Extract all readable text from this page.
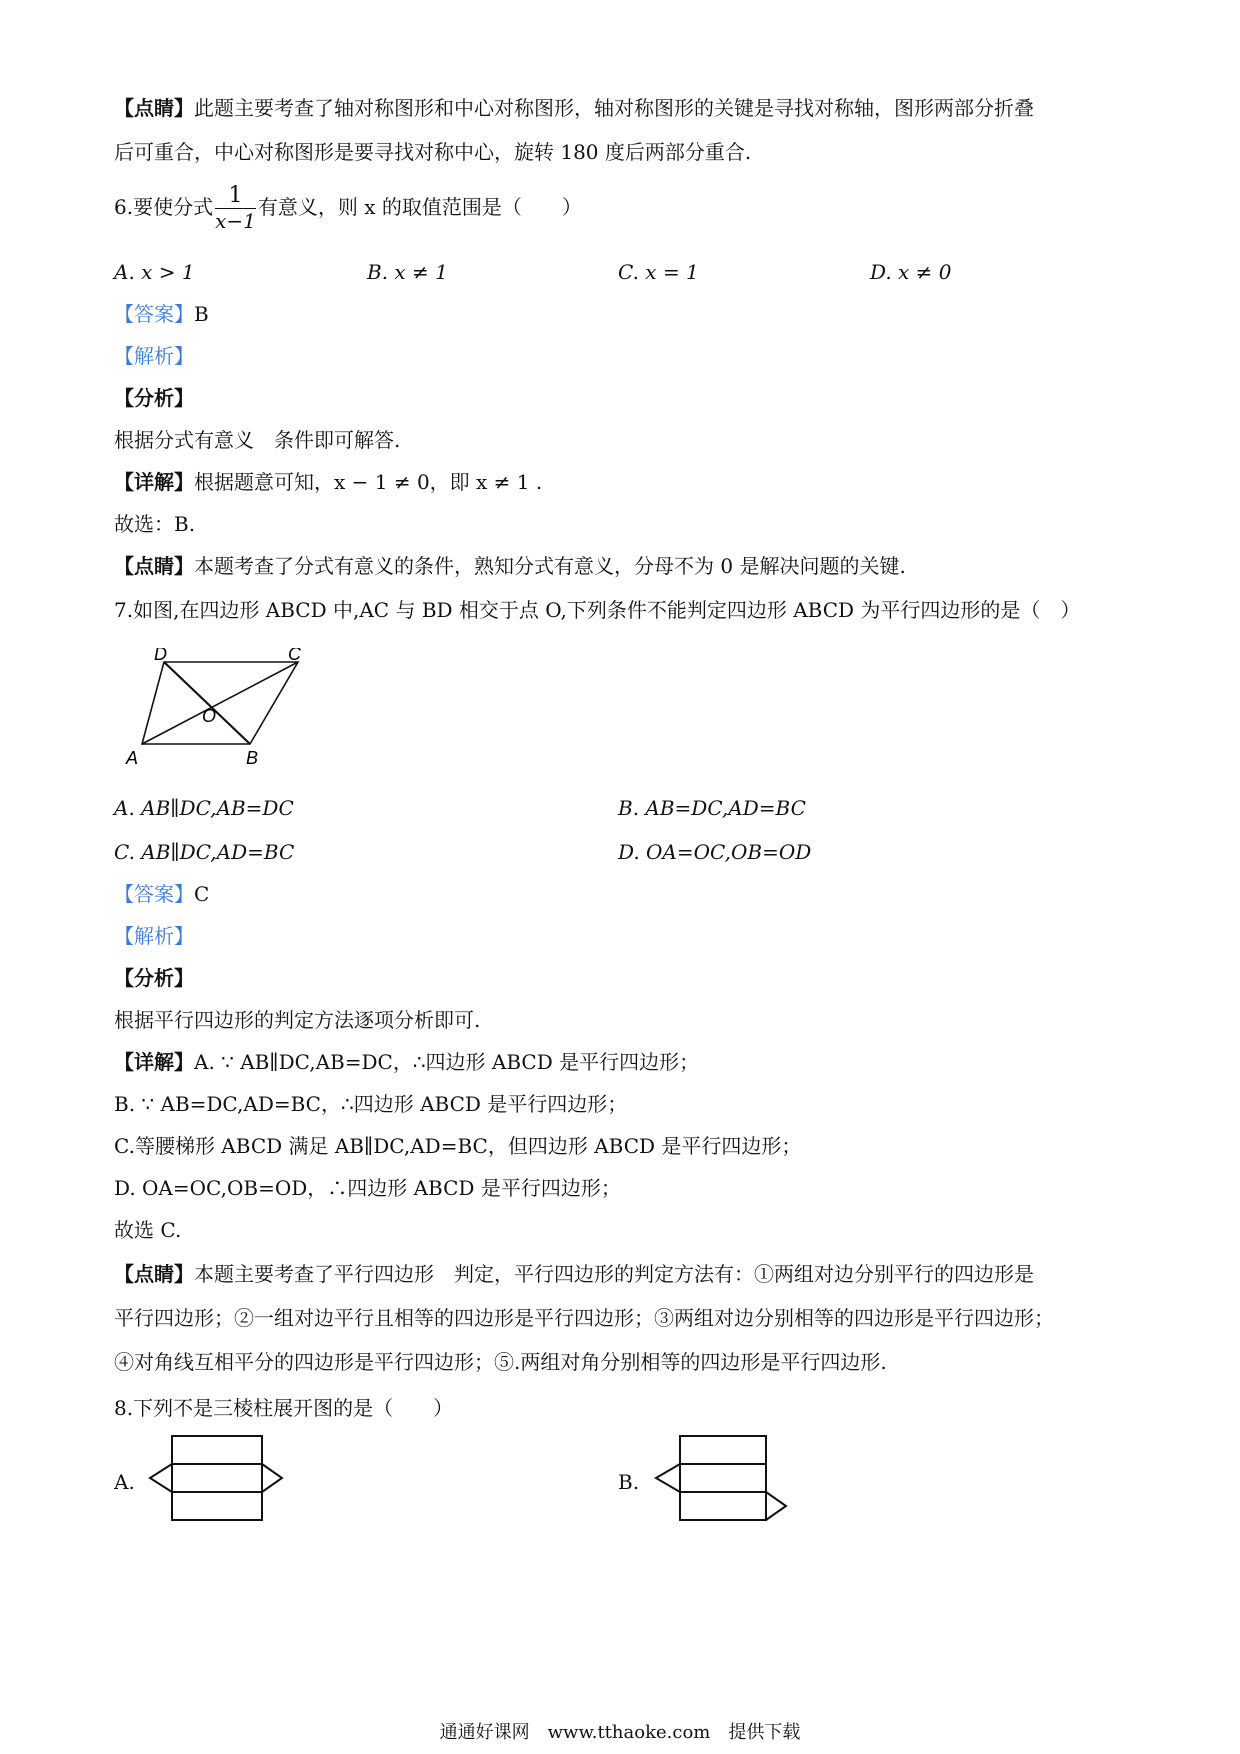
【点睛】此题主要考查了轴对称图形和中心对称图形，轴对称图形的关键是寻找对称轴，图形两部分折叠
后可重合，中心对称图形是要寻找对称中心，旋转 180 度后两部分重合.
6.要使分式 $\frac{1}{x-1}$ 有意义，则 x 的取值范围是（　　）
A. x > 1	B. x ≠ 1	C. x = 1	D. x ≠ 0
【答案】B
【解析】
【分析】
根据分式有意义　条件即可解答.
【详解】根据题意可知，x − 1 ≠ 0，即 x ≠ 1 .
故选：B.
【点睛】本题考查了分式有意义的条件，熟知分式有意义，分母不为 0 是解决问题的关键.
7.如图,在四边形 ABCD 中,AC 与 BD 相交于点 O,下列条件不能判定四边形 ABCD 为平行四边形的是（　）
A	B
C
D
O
A. AB∥DC,AB=DC	B. AB=DC,AD=BC
C. AB∥DC,AD=BC	D. OA=OC,OB=OD
【答案】C
【解析】
【分析】
根据平行四边形的判定方法逐项分析即可.
【详解】A. ∵ AB∥DC,AB=DC，∴四边形 ABCD 是平行四边形；
B. ∵ AB=DC,AD=BC，∴四边形 ABCD 是平行四边形；
C.等腰梯形 ABCD 满足 AB∥DC,AD=BC，但四边形 ABCD 是平行四边形；
D. OA=OC,OB=OD，∴四边形 ABCD 是平行四边形；
故选 C.
【点睛】本题主要考查了平行四边形　判定，平行四边形的判定方法有：①两组对边分别平行的四边形是
平行四边形；②一组对边平行且相等的四边形是平行四边形；③两组对边分别相等的四边形是平行四边形；
④对角线互相平分的四边形是平行四边形；⑤.两组对角分别相等的四边形是平行四边形.
8.下列不是三棱柱展开图的是（　　）
A.	B.
通通好课网　www.tthaoke.com　提供下载
